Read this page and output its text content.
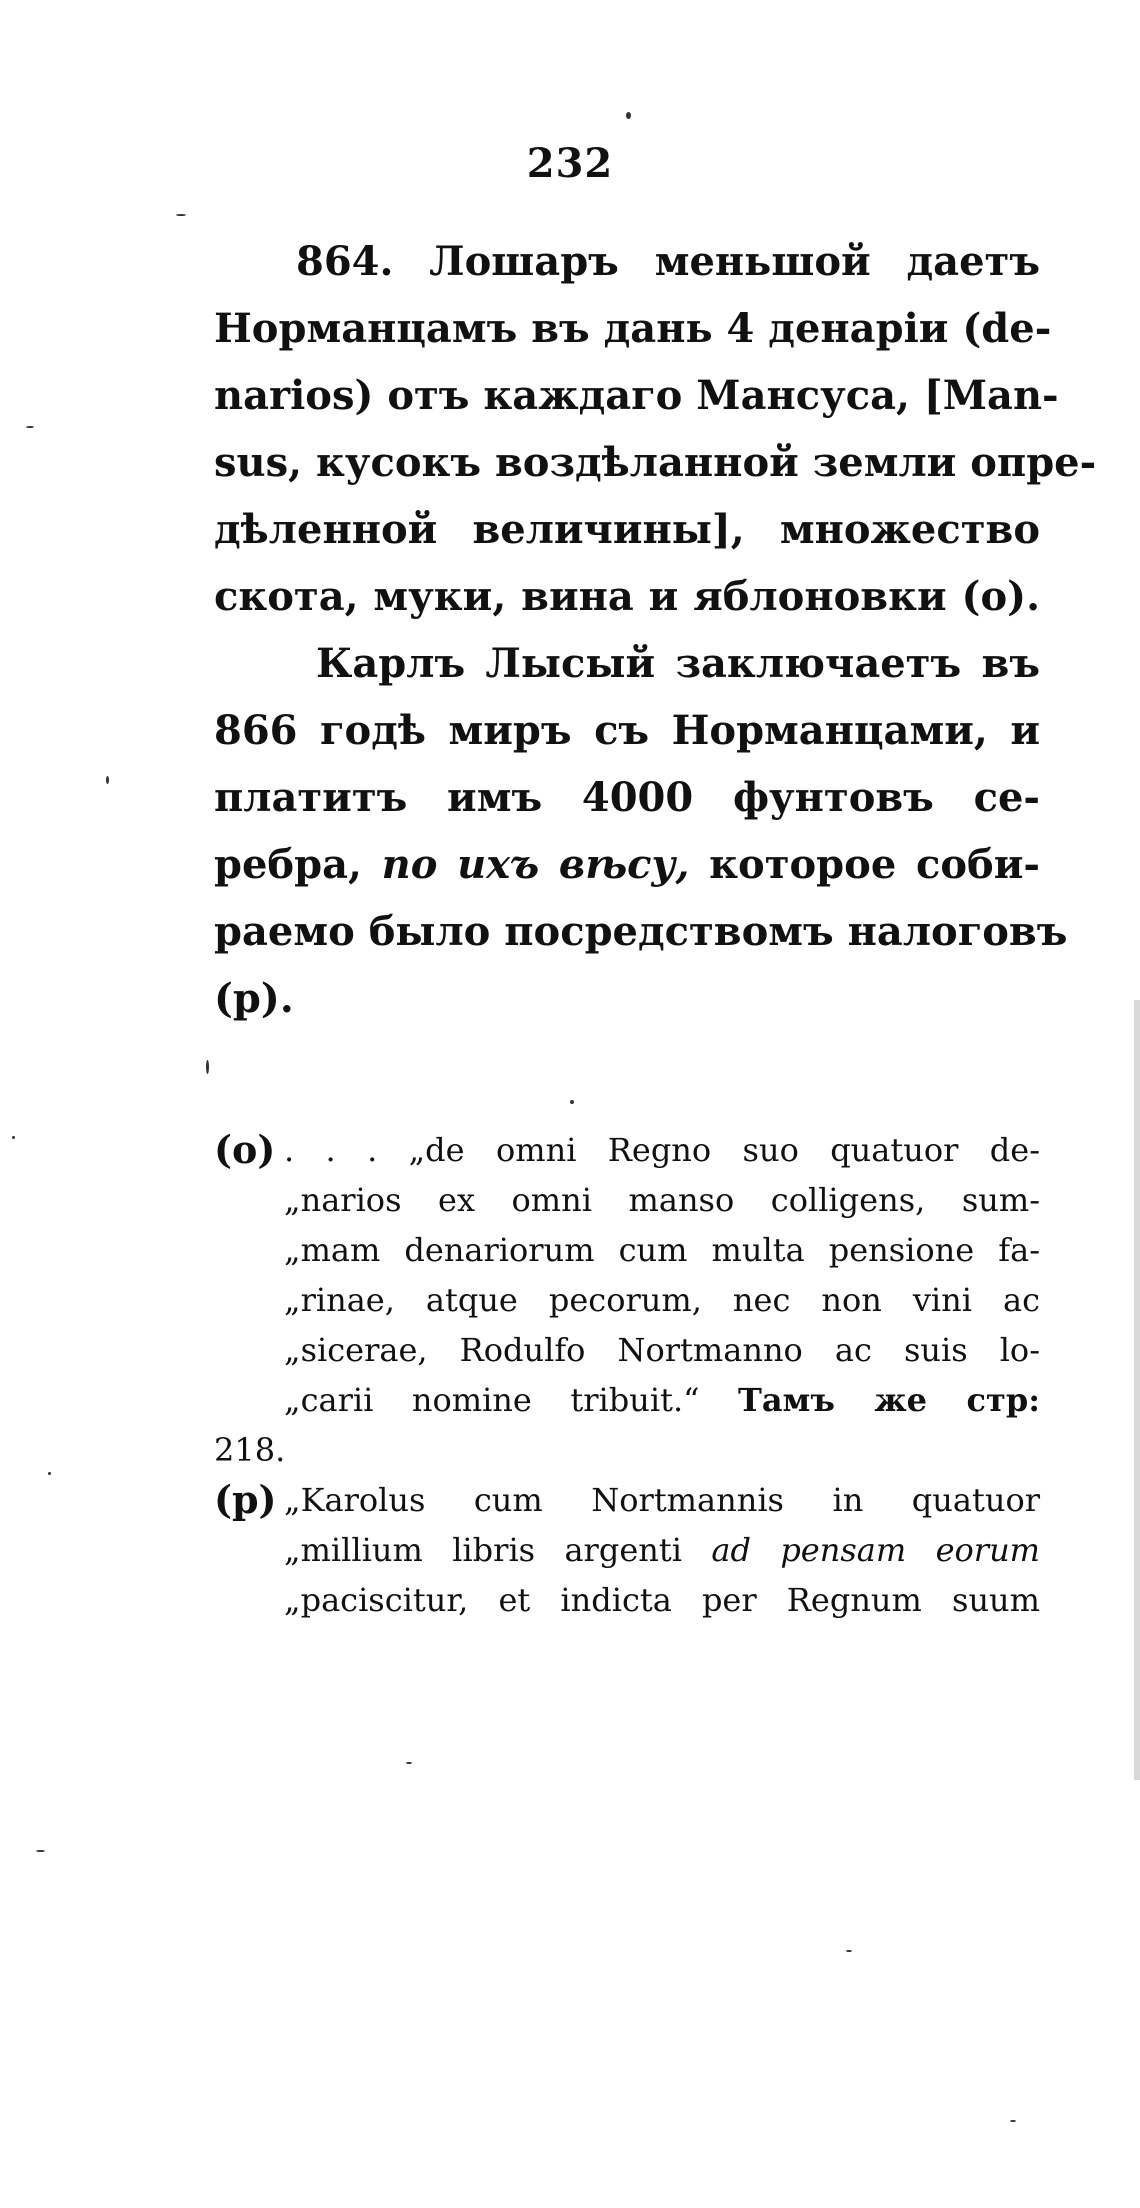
232
864. Лошаръ меньшой даетъ
Норманцамъ въ дань 4 денаріи (de-
narios) отъ каждаго Мансуса, [Man-
sus, кусокъ воздѣланной земли опре-
дѣленной величины], множество
скота, муки, вина и яблоновки (o).
Карлъ Лысый заключаетъ въ
866 годѣ миръ съ Норманцами, и
платитъ имъ 4000 фунтовъ се-
ребра, по ихъ вѣсу, которое соби-
раемо было посредствомъ налоговъ
(p).
(o) . . . „de omni Regno suo quatuor de-
„narios ex omni manso colligens, sum-
„mam denariorum cum multa pensione fa-
„rinae, atque pecorum, nec non vini ac
„sicerae, Rodulfo Nortmanno ac suis lo-
„carii nomine tribuit.“ Тамъ же стр:
218.
(p) „Karolus cum Nortmannis in quatuor
„millium libris argenti ad pensam eorum
„paciscitur, et indicta per Regnum suum
